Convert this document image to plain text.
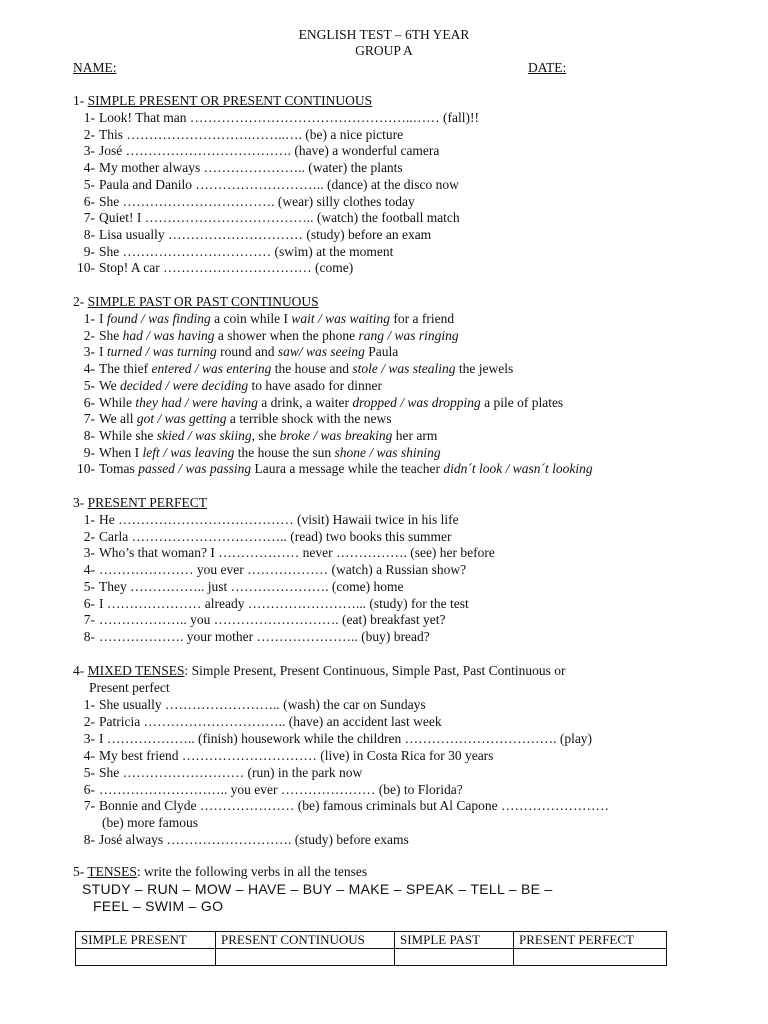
ENGLISH TEST – 6TH YEAR
GROUP A
NAME:	DATE:
1- SIMPLE PRESENT OR PRESENT CONTINUOUS
1- Look! That man …………………………………………..…… (fall)!!
2- This ……………………….……..…. (be) a nice picture
3- José ………………………………. (have) a wonderful camera
4- My mother always ………………….. (water) the plants
5- Paula and Danilo ……………………….. (dance) at the disco now
6- She ……………………………. (wear) silly clothes today
7- Quiet! I ……………………………….. (watch) the football match
8- Lisa usually ………………………… (study) before an exam
9- She …………………………… (swim) at the moment
10- Stop! A car …………………………… (come)
2- SIMPLE PAST OR PAST CONTINUOUS
1- I found / was finding a coin while I wait / was waiting for a friend
2- She had / was having a shower when the phone rang / was ringing
3- I turned / was turning round and saw/ was seeing Paula
4- The thief entered / was entering the house and stole / was stealing the jewels
5- We decided / were deciding to have asado for dinner
6- While they had / were having a drink, a waiter dropped / was dropping a pile of plates
7- We all got / was getting a terrible shock with the news
8- While she skied / was skiing, she broke / was breaking her arm
9- When I left / was leaving the house the sun shone / was shining
10- Tomas passed / was passing Laura a message while the teacher didn´t look / wasn´t looking
3- PRESENT PERFECT
1- He ………………………………… (visit) Hawaii twice in his life
2- Carla …………………………….. (read) two books this summer
3- Who’s that woman? I ……………… never ……………. (see) her before
4- ………………… you ever ……………… (watch) a Russian show?
5- They …………….. just …………………. (come) home
6- I ………………… already ……………………... (study) for the test
7- ……………….. you ………………………. (eat) breakfast yet?
8- ………………. your mother ………………….. (buy) bread?
4- MIXED TENSES: Simple Present, Present Continuous, Simple Past, Past Continuous or
Present perfect
1- She usually …………………….. (wash) the car on Sundays
2- Patricia ………………………….. (have) an accident last week
3- I ……………….. (finish) housework while the children ……………………………. (play)
4- My best friend ………………………… (live) in Costa Rica for 30 years
5- She ……………………… (run) in the park now
6- ……………………….. you ever ………………… (be) to Florida?
7- Bonnie and Clyde ………………… (be) famous criminals but Al Capone ……………………
(be) more famous
8- José always ………………………. (study) before exams
5- TENSES: write the following verbs in all the tenses
STUDY – RUN – MOW – HAVE – BUY – MAKE – SPEAK – TELL – BE –
FEEL – SWIM – GO
SIMPLE PRESENT	PRESENT CONTINUOUS	SIMPLE PAST	PRESENT PERFECT
